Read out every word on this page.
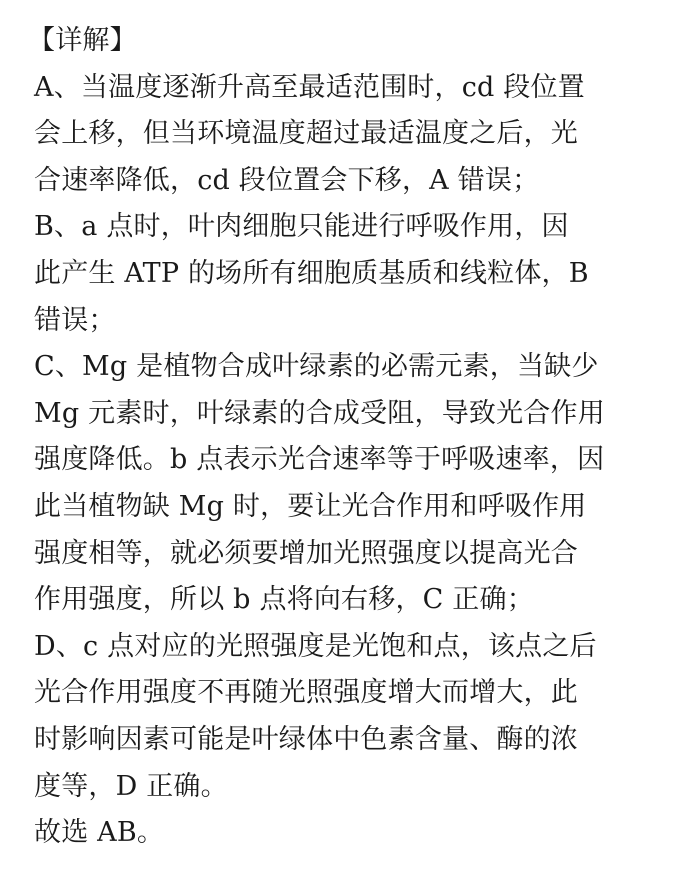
【详解】
A、当温度逐渐升高至最适范围时，cd 段位置
会上移，但当环境温度超过最适温度之后，光
合速率降低，cd 段位置会下移，A 错误；
B、a 点时，叶肉细胞只能进行呼吸作用，因
此产生 ATP 的场所有细胞质基质和线粒体，B
错误；
C、Mg 是植物合成叶绿素的必需元素，当缺少
Mg 元素时，叶绿素的合成受阻，导致光合作用
强度降低。b 点表示光合速率等于呼吸速率，因
此当植物缺 Mg 时，要让光合作用和呼吸作用
强度相等，就必须要增加光照强度以提高光合
作用强度，所以 b 点将向右移，C 正确；
D、c 点对应的光照强度是光饱和点，该点之后
光合作用强度不再随光照强度增大而增大，此
时影响因素可能是叶绿体中色素含量、酶的浓
度等，D 正确。
故选 AB。
